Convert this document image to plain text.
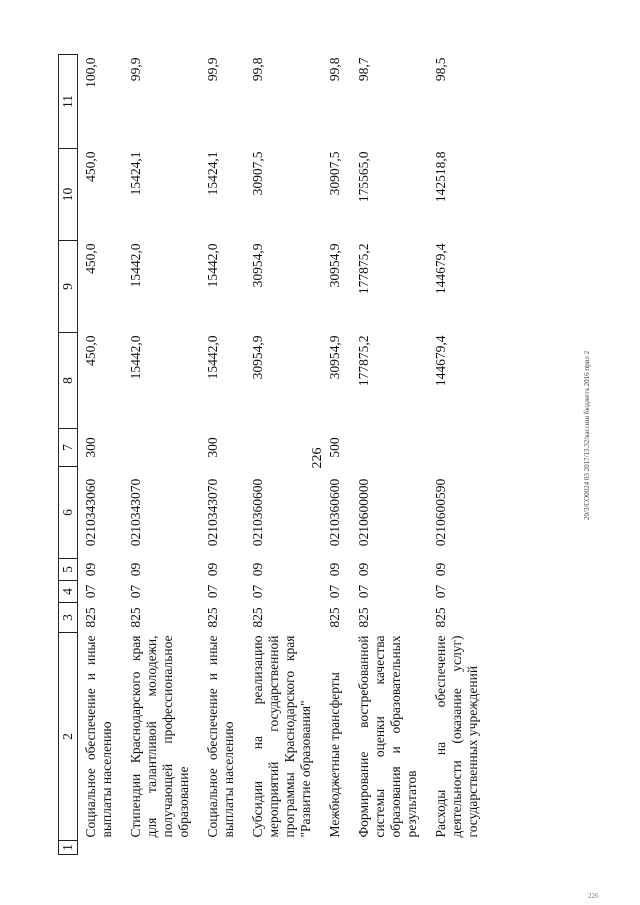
226
1	2	3	4	5	6	7	8	9	10	11
	Социальное обеспечение и иные выплаты населению	825	07	09	0210343060	300	450,0	450,0	450,0	100,0
	Стипендии Краснодарского края для талантливой молодежи, получающей профессиональное образование	825	07	09	0210343070		15442,0	15442,0	15424,1	99,9
	Социальное обеспечение и иные выплаты населению	825	07	09	0210343070	300	15442,0	15442,0	15424,1	99,9
	Субсидии на реализацию мероприятий государственной программы Краснодарского края "Развитие образования"	825	07	09	0210360600		30954,9	30954,9	30907,5	99,8
	Межбюджетные трансферты	825	07	09	0210360600	500	30954,9	30954,9	30907,5	99,8
	Формирование востребованной системы оценки качества образования и образовательных результатов	825	07	09	0210600000		177875,2	177875,2	175565,0	98,7
	Расходы на обеспечение деятельности (оказание услуг) государственных учреждений	825	07	09	0210600590		144679,4	144679,4	142518,8	98,5
20/3/СО0024 03 2017/13.32/кассиш бюджета 2016 прил 2
226
